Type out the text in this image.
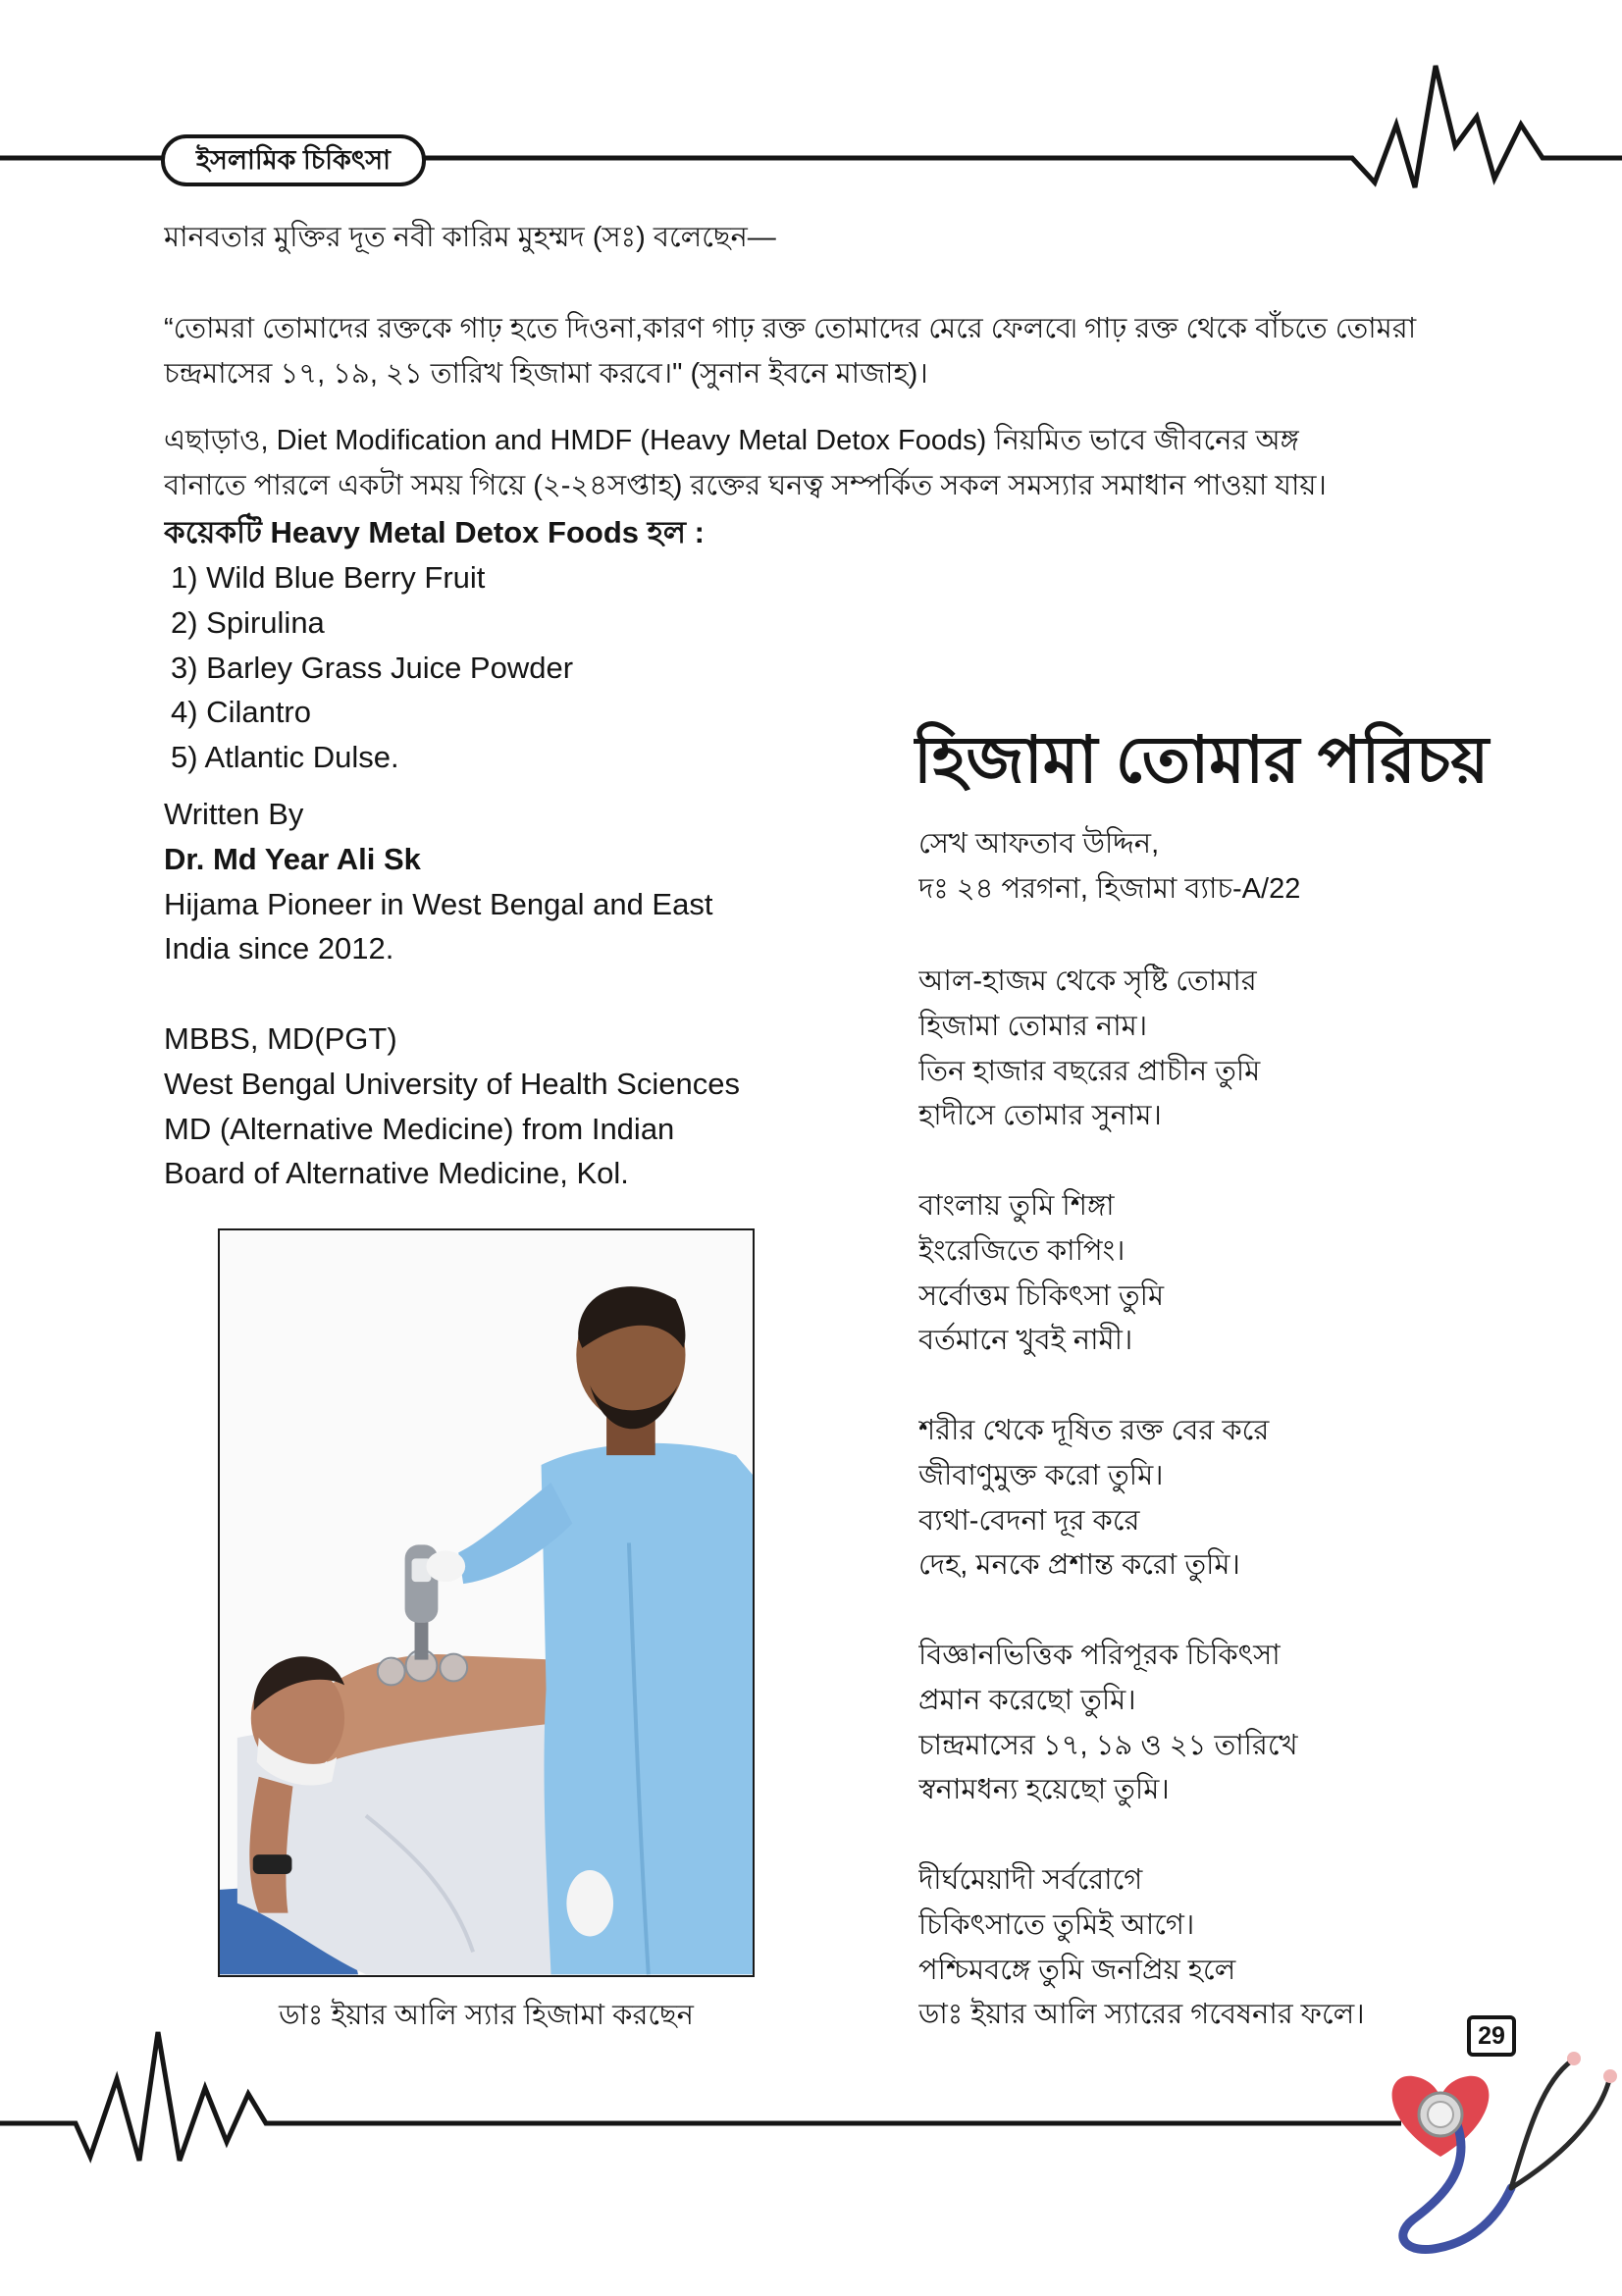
ইসলামিক চিকিৎসা
মানবতার মুক্তির দূত নবী কারিম মুহম্মদ (সঃ) বলেছেন—
“তোমরা তোমাদের রক্তকে গাঢ় হতে দিওনা,কারণ গাঢ় রক্ত তোমাদের মেরে ফেলবে৷ গাঢ় রক্ত থেকে বাঁচতে তোমরা
চন্দ্রমাসের ১৭, ১৯, ২১ তারিখ হিজামা করবে।" (সুনান ইবনে মাজাহ)।
এছাড়াও, Diet Modification and HMDF (Heavy Metal Detox Foods) নিয়মিত ভাবে জীবনের অঙ্গ
বানাতে পারলে একটা সময় গিয়ে (২-২৪সপ্তাহ) রক্তের ঘনত্ব সম্পর্কিত সকল সমস্যার সমাধান পাওয়া যায়।
কয়েকটি Heavy Metal Detox Foods হল :
1) Wild Blue Berry Fruit
2) Spirulina
3) Barley Grass Juice Powder
4) Cilantro
5) Atlantic Dulse.
Written By
Dr. Md Year Ali Sk
Hijama Pioneer in West Bengal and East
India since 2012.
MBBS, MD(PGT)
West Bengal University of Health Sciences
MD (Alternative Medicine) from Indian
Board of Alternative Medicine, Kol.
ডাঃ ইয়ার আলি স্যার হিজামা করছেন
হিজামা তোমার পরিচয়
সেখ আফতাব উদ্দিন,
দঃ ২৪ পরগনা, হিজামা ব্যাচ-A/22
আল-হাজম থেকে সৃষ্টি তোমার
হিজামা তোমার নাম।
তিন হাজার বছরের প্রাচীন তুমি
হাদীসে তোমার সুনাম।
বাংলায় তুমি শিঙ্গা
ইংরেজিতে কাপিং।
সর্বোত্তম চিকিৎসা তুমি
বর্তমানে খুবই নামী।
শরীর থেকে দূষিত রক্ত বের করে
জীবাণুমুক্ত করো তুমি।
ব্যথা-বেদনা দূর করে
দেহ, মনকে প্রশান্ত করো তুমি।
বিজ্ঞানভিত্তিক পরিপূরক চিকিৎসা
প্রমান করেছো তুমি।
চান্দ্রমাসের ১৭, ১৯ ও ২১ তারিখে
স্বনামধন্য হয়েছো তুমি।
দীর্ঘমেয়াদী সর্বরোগে
চিকিৎসাতে তুমিই আগে।
পশ্চিমবঙ্গে তুমি জনপ্রিয় হলে
ডাঃ ইয়ার আলি স্যারের গবেষনার ফলে।
29
